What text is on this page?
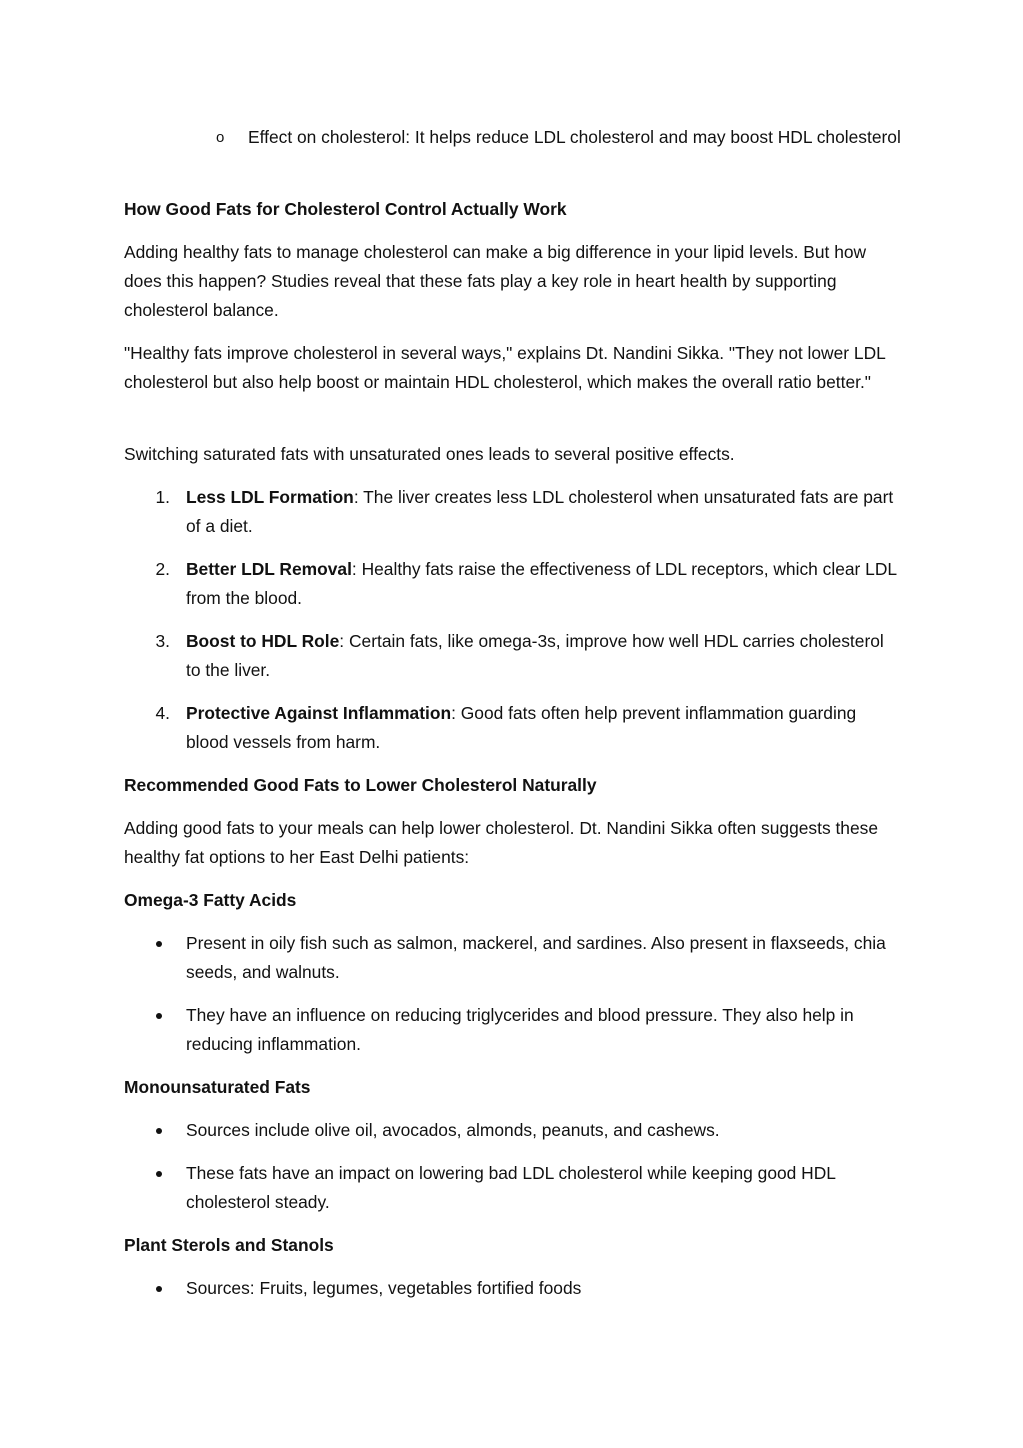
o	Effect on cholesterol: It helps reduce LDL cholesterol and may boost HDL cholesterol

How Good Fats for Cholesterol Control Actually Work

Adding healthy fats to manage cholesterol can make a big difference in your lipid levels. But how does this happen? Studies reveal that these fats play a key role in heart health by supporting cholesterol balance.

"Healthy fats improve cholesterol in several ways," explains Dt. Nandini Sikka. "They not lower LDL cholesterol but also help boost or maintain HDL cholesterol, which makes the overall ratio better."

Switching saturated fats with unsaturated ones leads to several positive effects.

1. Less LDL Formation: The liver creates less LDL cholesterol when unsaturated fats are part of a diet.
2. Better LDL Removal: Healthy fats raise the effectiveness of LDL receptors, which clear LDL from the blood.
3. Boost to HDL Role: Certain fats, like omega-3s, improve how well HDL carries cholesterol to the liver.
4. Protective Against Inflammation: Good fats often help prevent inflammation guarding blood vessels from harm.

Recommended Good Fats to Lower Cholesterol Naturally

Adding good fats to your meals can help lower cholesterol. Dt. Nandini Sikka often suggests these healthy fat options to her East Delhi patients:

Omega-3 Fatty Acids

Present in oily fish such as salmon, mackerel, and sardines. Also present in flaxseeds, chia seeds, and walnuts.
They have an influence on reducing triglycerides and blood pressure. They also help in reducing inflammation.

Monounsaturated Fats

Sources include olive oil, avocados, almonds, peanuts, and cashews.
These fats have an impact on lowering bad LDL cholesterol while keeping good HDL cholesterol steady.

Plant Sterols and Stanols

Sources: Fruits, legumes, vegetables fortified foods
